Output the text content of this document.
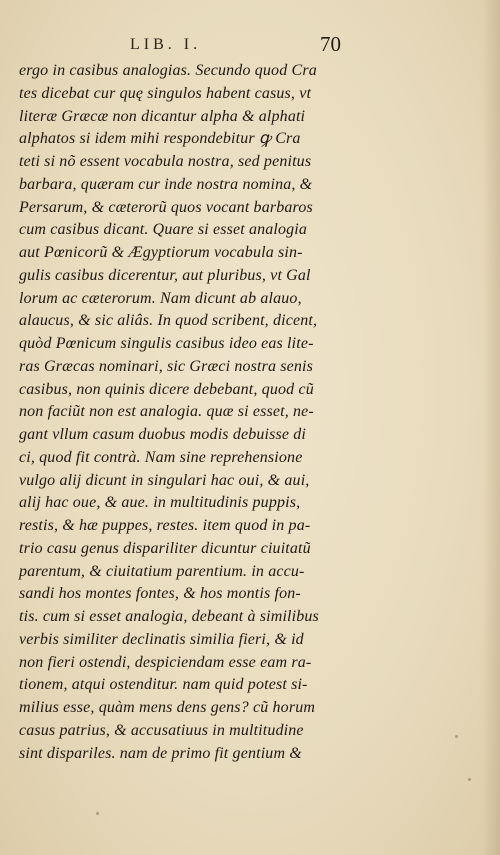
LIB. I.	70
ergo in casibus analogias. Secundo quod Cra
tes dicebat cur quę singulos habent casus, vt
literæ Græcæ non dicantur alpha & alphati
alphatos si idem mihi respondebitur ꝙ Cra
teti si nõ essent vocabula nostra, sed penitus
barbara, quæram cur inde nostra nomina, &
Persarum, & cæterorũ quos vocant barbaros
cum casibus dicant. Quare si esset analogia
aut Pœnicorũ & Ægyptiorum vocabula sin-
gulis casibus dicerentur, aut pluribus, vt Gal
lorum ac cæterorum. Nam dicunt ab alauo,
alaucus, & sic aliâs. In quod scribent, dicent,
quòd Pœnicum singulis casibus ideo eas lite-
ras Græcas nominari, sic Græci nostra senis
casibus, non quinis dicere debebant, quod cũ
non faciũt non est analogia. quæ si esset, ne-
gant vllum casum duobus modis debuisse di
ci, quod fit contrà. Nam sine reprehensione
vulgo alij dicunt in singulari hac oui, & aui,
alij hac oue, & aue. in multitudinis puppis,
restis, & hæ puppes, restes. item quod in pa-
trio casu genus dispariliter dicuntur ciuitatũ
parentum, & ciuitatium parentium. in accu-
sandi hos montes fontes, & hos montis fon-
tis. cum si esset analogia, debeant à similibus
verbis similiter declinatis similia fieri, & id
non fieri ostendi, despiciendam esse eam ra-
tionem, atqui ostenditur. nam quid potest si-
milius esse, quàm mens dens gens? cũ horum
casus patrius, & accusatiuus in multitudine
sint dispariles. nam de primo fit gentium &
